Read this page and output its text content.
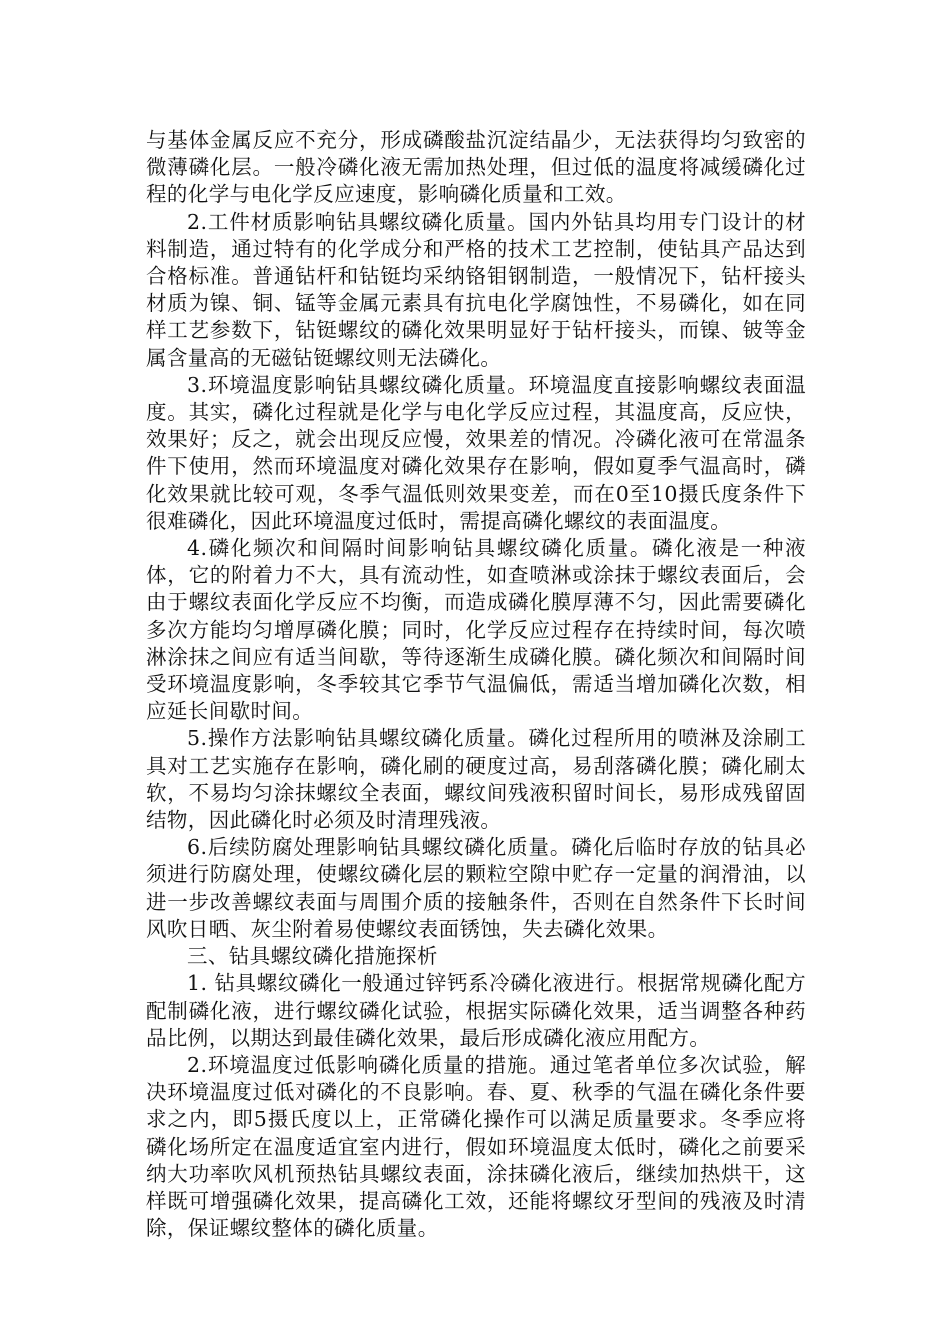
与基体金属反应不充分，形成磷酸盐沉淀结晶少，无法获得均匀致密的微薄磷化层。一般冷磷化液无需加热处理，但过低的温度将减缓磷化过程的化学与电化学反应速度，影响磷化质量和工效。

2.工件材质影响钻具螺纹磷化质量。国内外钻具均用专门设计的材料制造，通过特有的化学成分和严格的技术工艺控制，使钻具产品达到合格标准。普通钻杆和钻铤均采纳铬钼钢制造，一般情况下，钻杆接头材质为镍、铜、锰等金属元素具有抗电化学腐蚀性，不易磷化，如在同样工艺参数下，钻铤螺纹的磷化效果明显好于钻杆接头，而镍、铍等金属含量高的无磁钻铤螺纹则无法磷化。

3.环境温度影响钻具螺纹磷化质量。环境温度直接影响螺纹表面温度。其实，磷化过程就是化学与电化学反应过程，其温度高，反应快，效果好；反之，就会出现反应慢，效果差的情况。冷磷化液可在常温条件下使用，然而环境温度对磷化效果存在影响，假如夏季气温高时，磷化效果就比较可观，冬季气温低则效果变差，而在0至10摄氏度条件下很难磷化，因此环境温度过低时，需提高磷化螺纹的表面温度。

4.磷化频次和间隔时间影响钻具螺纹磷化质量。磷化液是一种液体，它的附着力不大，具有流动性，如查喷淋或涂抹于螺纹表面后，会由于螺纹表面化学反应不均衡，而造成磷化膜厚薄不匀，因此需要磷化多次方能均匀增厚磷化膜；同时，化学反应过程存在持续时间，每次喷淋涂抹之间应有适当间歇，等待逐渐生成磷化膜。磷化频次和间隔时间受环境温度影响，冬季较其它季节气温偏低，需适当增加磷化次数，相应延长间歇时间。

5.操作方法影响钻具螺纹磷化质量。磷化过程所用的喷淋及涂刷工具对工艺实施存在影响，磷化刷的硬度过高，易刮落磷化膜；磷化刷太软，不易均匀涂抹螺纹全表面，螺纹间残液积留时间长，易形成残留固结物，因此磷化时必须及时清理残液。

6.后续防腐处理影响钻具螺纹磷化质量。磷化后临时存放的钻具必须进行防腐处理，使螺纹磷化层的颗粒空隙中贮存一定量的润滑油，以进一步改善螺纹表面与周围介质的接触条件，否则在自然条件下长时间风吹日晒、灰尘附着易使螺纹表面锈蚀，失去磷化效果。

三、钻具螺纹磷化措施探析

1. 钻具螺纹磷化一般通过锌钙系冷磷化液进行。根据常规磷化配方配制磷化液，进行螺纹磷化试验，根据实际磷化效果，适当调整各种药品比例，以期达到最佳磷化效果，最后形成磷化液应用配方。

2.环境温度过低影响磷化质量的措施。通过笔者单位多次试验，解决环境温度过低对磷化的不良影响。春、夏、秋季的气温在磷化条件要求之内，即5摄氏度以上，正常磷化操作可以满足质量要求。冬季应将磷化场所定在温度适宜室内进行，假如环境温度太低时，磷化之前要采纳大功率吹风机预热钻具螺纹表面，涂抹磷化液后，继续加热烘干，这样既可增强磷化效果，提高磷化工效，还能将螺纹牙型间的残液及时清除，保证螺纹整体的磷化质量。
